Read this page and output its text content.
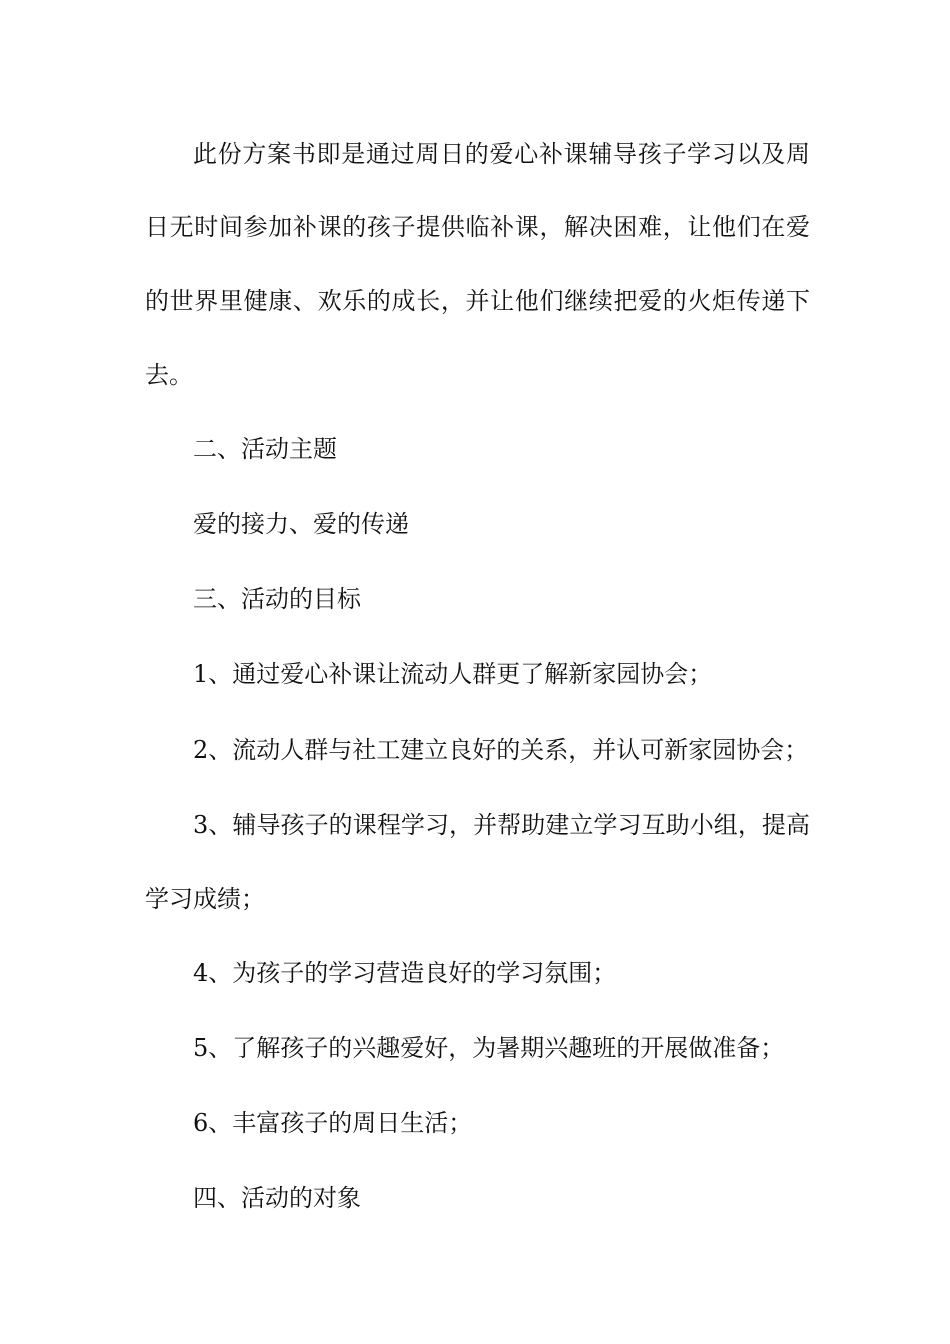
此份方案书即是通过周日的爱心补课辅导孩子学习以及周
日无时间参加补课的孩子提供临补课，解决困难，让他们在爱
的世界里健康、欢乐的成长，并让他们继续把爱的火炬传递下
去。
二、活动主题
爱的接力、爱的传递
三、活动的目标
1、通过爱心补课让流动人群更了解新家园协会；
2、流动人群与社工建立良好的关系，并认可新家园协会；
3、辅导孩子的课程学习，并帮助建立学习互助小组，提高
学习成绩；
4、为孩子的学习营造良好的学习氛围；
5、了解孩子的兴趣爱好，为暑期兴趣班的开展做准备；
6、丰富孩子的周日生活；
四、活动的对象
